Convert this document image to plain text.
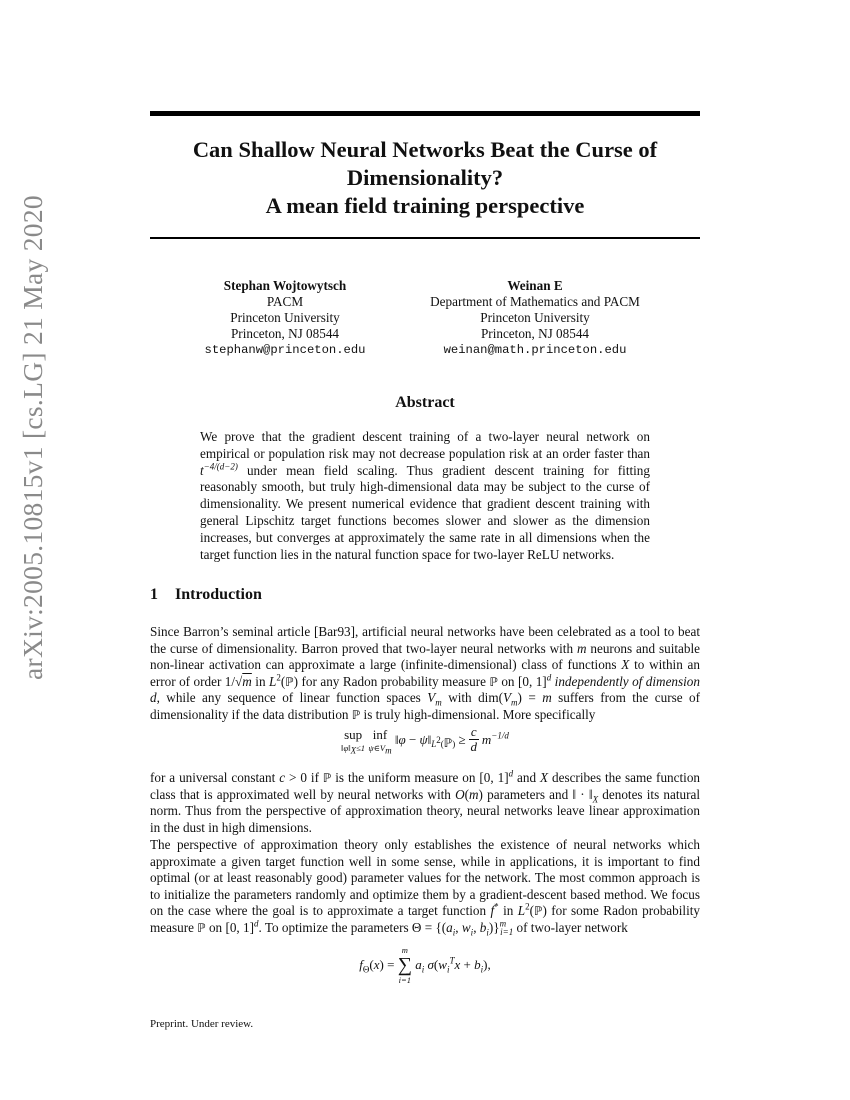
arXiv:2005.10815v1 [cs.LG] 21 May 2020
Can Shallow Neural Networks Beat the Curse of
Dimensionality?
A mean field training perspective
Stephan Wojtowytsch
PACM
Princeton University
Princeton, NJ 08544
stephanw@princeton.edu
Weinan E
Department of Mathematics and PACM
Princeton University
Princeton, NJ 08544
weinan@math.princeton.edu
Abstract
We prove that the gradient descent training of a two-layer neural network on empirical or population risk may not decrease population risk at an order faster than $t^{-4/(d-2)}$ under mean field scaling. Thus gradient descent training for fitting reasonably smooth, but truly high-dimensional data may be subject to the curse of dimensionality. We present numerical evidence that gradient descent training with general Lipschitz target functions becomes slower and slower as the dimension increases, but converges at approximately the same rate in all dimensions when the target function lies in the natural function space for two-layer ReLU networks.
1 Introduction
Since Barron’s seminal article [Bar93], artificial neural networks have been celebrated as a tool to beat the curse of dimensionality. Barron proved that two-layer neural networks with m neurons and suitable non-linear activation can approximate a large (infinite-dimensional) class of functions X to within an error of order 1/√m in $L^2(ℙ)$ for any Radon probability measure ℙ on [0, 1]$^d$ independently of dimension d, while any sequence of linear function spaces $V_m$ with $dim(V_m) = m$ suffers from the curse of dimensionality if the data distribution ℙ is truly high-dimensional. More specifically
sup
$‖\varphi‖_X\le 1$

inf
$\psi\in V_m$
‖φ − $\psi‖_{L^2(ℙ)} \ge \frac{c}{d} m^{-1/d}$
for a universal constant c > 0 if ℙ is the uniform measure on [0, 1]$^d$ and X describes the same function class that is approximated well by neural networks with O(m) parameters and ‖ · $‖_X$ denotes its natural norm. Thus from the perspective of approximation theory, neural networks leave linear approximation in the dust in high dimensions.
The perspective of approximation theory only establishes the existence of neural networks which approximate a given target function well in some sense, while in applications, it is important to find optimal (or at least reasonably good) parameter values for the network. The most common approach is to initialize the parameters randomly and optimize them by a gradient-descent based method. We focus on the case where the goal is to approximate a target function f* in $L^2(ℙ)$ for some Radon probability measure ℙ on [0, 1]$^d$. To optimize the parameters $\Theta = \{(a_i$, $w_i$, $b_i)\}^m_{i=1}$ of two-layer network
$f_\Theta(x)$ =
m
∑
i=1
$a_i$ $\sigma(w_i^Tx + b_i)$,
Preprint. Under review.
